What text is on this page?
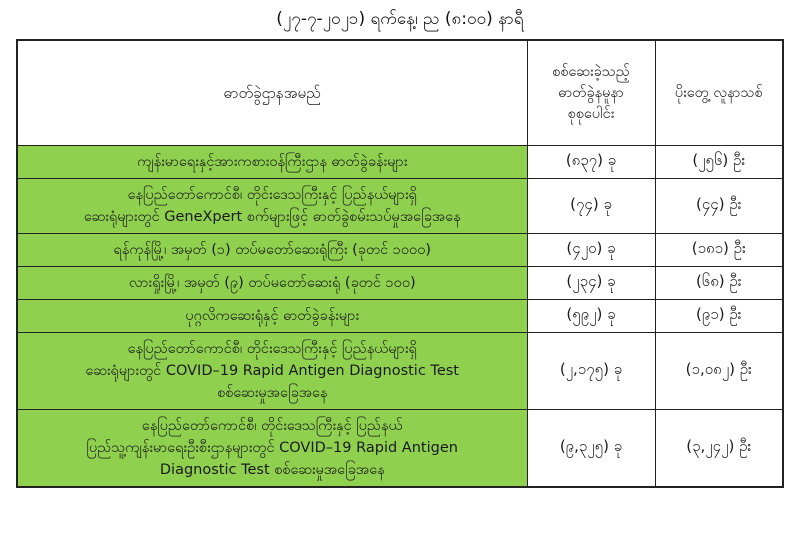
(၂၇-၇-၂၀၂၁) ရက်နေ့၊ ည (၈:၀၀) နာရီ
ဓာတ်ခွဲဌာနအမည်	စစ်ဆေးခဲ့သည့် ဓာတ်ခွဲနမူနာ စုစုပေါင်း	ပိုးတွေ့ လူနာသစ်

ကျန်းမာရေးနှင့်အားကစားဝန်ကြီးဌာန ဓာတ်ခွဲခန်းများ	(၈၃၇) ခု	(၂၅၆) ဦး

နေပြည်တော်ကောင်စီ၊ တိုင်းဒေသကြီးနှင့် ပြည်နယ်များရှိ
ဆေးရုံများတွင် GeneXpert စက်များဖြင့် ဓာတ်ခွဲစမ်းသပ်မှုအခြေအနေ	(၇၄) ခု	(၄၄) ဦး

ရန်ကုန်မြို့၊ အမှတ် (၁) တပ်မတော်ဆေးရုံကြီး (ခုတင် ၁၀၀၀)	(၄၂၀) ခု	(၁၈၁) ဦး

လားရှိုးမြို့၊ အမှတ် (၉) တပ်မတော်ဆေးရုံ (ခုတင် ၁၀၀)	(၂၃၄) ခု	(၆၈) ဦး

ပုဂ္ဂလိကဆေးရုံနှင့် ဓာတ်ခွဲခန်းများ	(၅၉၂) ခု	(၉၁) ဦး

နေပြည်တော်ကောင်စီ၊ တိုင်းဒေသကြီးနှင့် ပြည်နယ်များရှိ
ဆေးရုံများတွင် COVID–19 Rapid Antigen Diagnostic Test
စစ်ဆေးမှုအခြေအနေ	(၂,၁၇၅) ခု	(၁,၀၈၂) ဦး

နေပြည်တော်ကောင်စီ၊ တိုင်းဒေသကြီးနှင့် ပြည်နယ်
ပြည်သူ့ကျန်းမာရေးဦးစီးဌာနများတွင် COVID–19 Rapid Antigen
Diagnostic Test စစ်ဆေးမှုအခြေအနေ	(၉,၃၂၅) ခု	(၃,၂၄၂) ဦး
